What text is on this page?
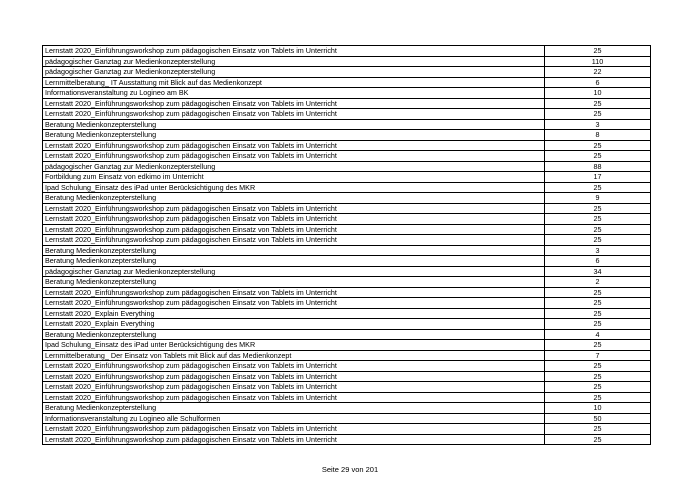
Lernstatt 2020_Einführungsworkshop zum pädagogischen Einsatz von Tablets im Unterricht	25
pädagogischer Ganztag zur Medienkonzepterstellung	110
pädagogischer Ganztag zur Medienkonzepterstellung	22
Lernmittelberatung_ IT Ausstattung mit Blick auf das Medienkonzept	6
Informationsveranstaltung zu Logineo am BK	10
Lernstatt 2020_Einführungsworkshop zum pädagogischen Einsatz von Tablets im Unterricht	25
Lernstatt 2020_Einführungsworkshop zum pädagogischen Einsatz von Tablets im Unterricht	25
Beratung Medienkonzepterstellung	3
Beratung Medienkonzepterstellung	8
Lernstatt 2020_Einführungsworkshop zum pädagogischen Einsatz von Tablets im Unterricht	25
Lernstatt 2020_Einführungsworkshop zum pädagogischen Einsatz von Tablets im Unterricht	25
pädagogischer Ganztag zur Medienkonzepterstellung	88
Fortbildung zum Einsatz von edkimo im Unterricht	17
Ipad Schulung_Einsatz des iPad unter Berücksichtigung des MKR	25
Beratung Medienkonzepterstellung	9
Lernstatt 2020_Einführungsworkshop zum pädagogischen Einsatz von Tablets im Unterricht	25
Lernstatt 2020_Einführungsworkshop zum pädagogischen Einsatz von Tablets im Unterricht	25
Lernstatt 2020_Einführungsworkshop zum pädagogischen Einsatz von Tablets im Unterricht	25
Lernstatt 2020_Einführungsworkshop zum pädagogischen Einsatz von Tablets im Unterricht	25
Beratung Medienkonzepterstellung	3
Beratung Medienkonzepterstellung	6
pädagogischer Ganztag zur Medienkonzepterstellung	34
Beratung Medienkonzepterstellung	2
Lernstatt 2020_Einführungsworkshop zum pädagogischen Einsatz von Tablets im Unterricht	25
Lernstatt 2020_Einführungsworkshop zum pädagogischen Einsatz von Tablets im Unterricht	25
Lernstatt 2020_Explain Everything	25
Lernstatt 2020_Explain Everything	25
Beratung Medienkonzepterstellung	4
Ipad Schulung_Einsatz des iPad unter Berücksichtigung des MKR	25
Lernmittelberatung_ Der Einsatz von Tablets mit Blick auf das Medienkonzept	7
Lernstatt 2020_Einführungsworkshop zum pädagogischen Einsatz von Tablets im Unterricht	25
Lernstatt 2020_Einführungsworkshop zum pädagogischen Einsatz von Tablets im Unterricht	25
Lernstatt 2020_Einführungsworkshop zum pädagogischen Einsatz von Tablets im Unterricht	25
Lernstatt 2020_Einführungsworkshop zum pädagogischen Einsatz von Tablets im Unterricht	25
Beratung Medienkonzepterstellung	10
Informationsveranstaltung zu Logineo alle Schulformen	50
Lernstatt 2020_Einführungsworkshop zum pädagogischen Einsatz von Tablets im Unterricht	25
Lernstatt 2020_Einführungsworkshop zum pädagogischen Einsatz von Tablets im Unterricht	25
Seite 29 von 201
